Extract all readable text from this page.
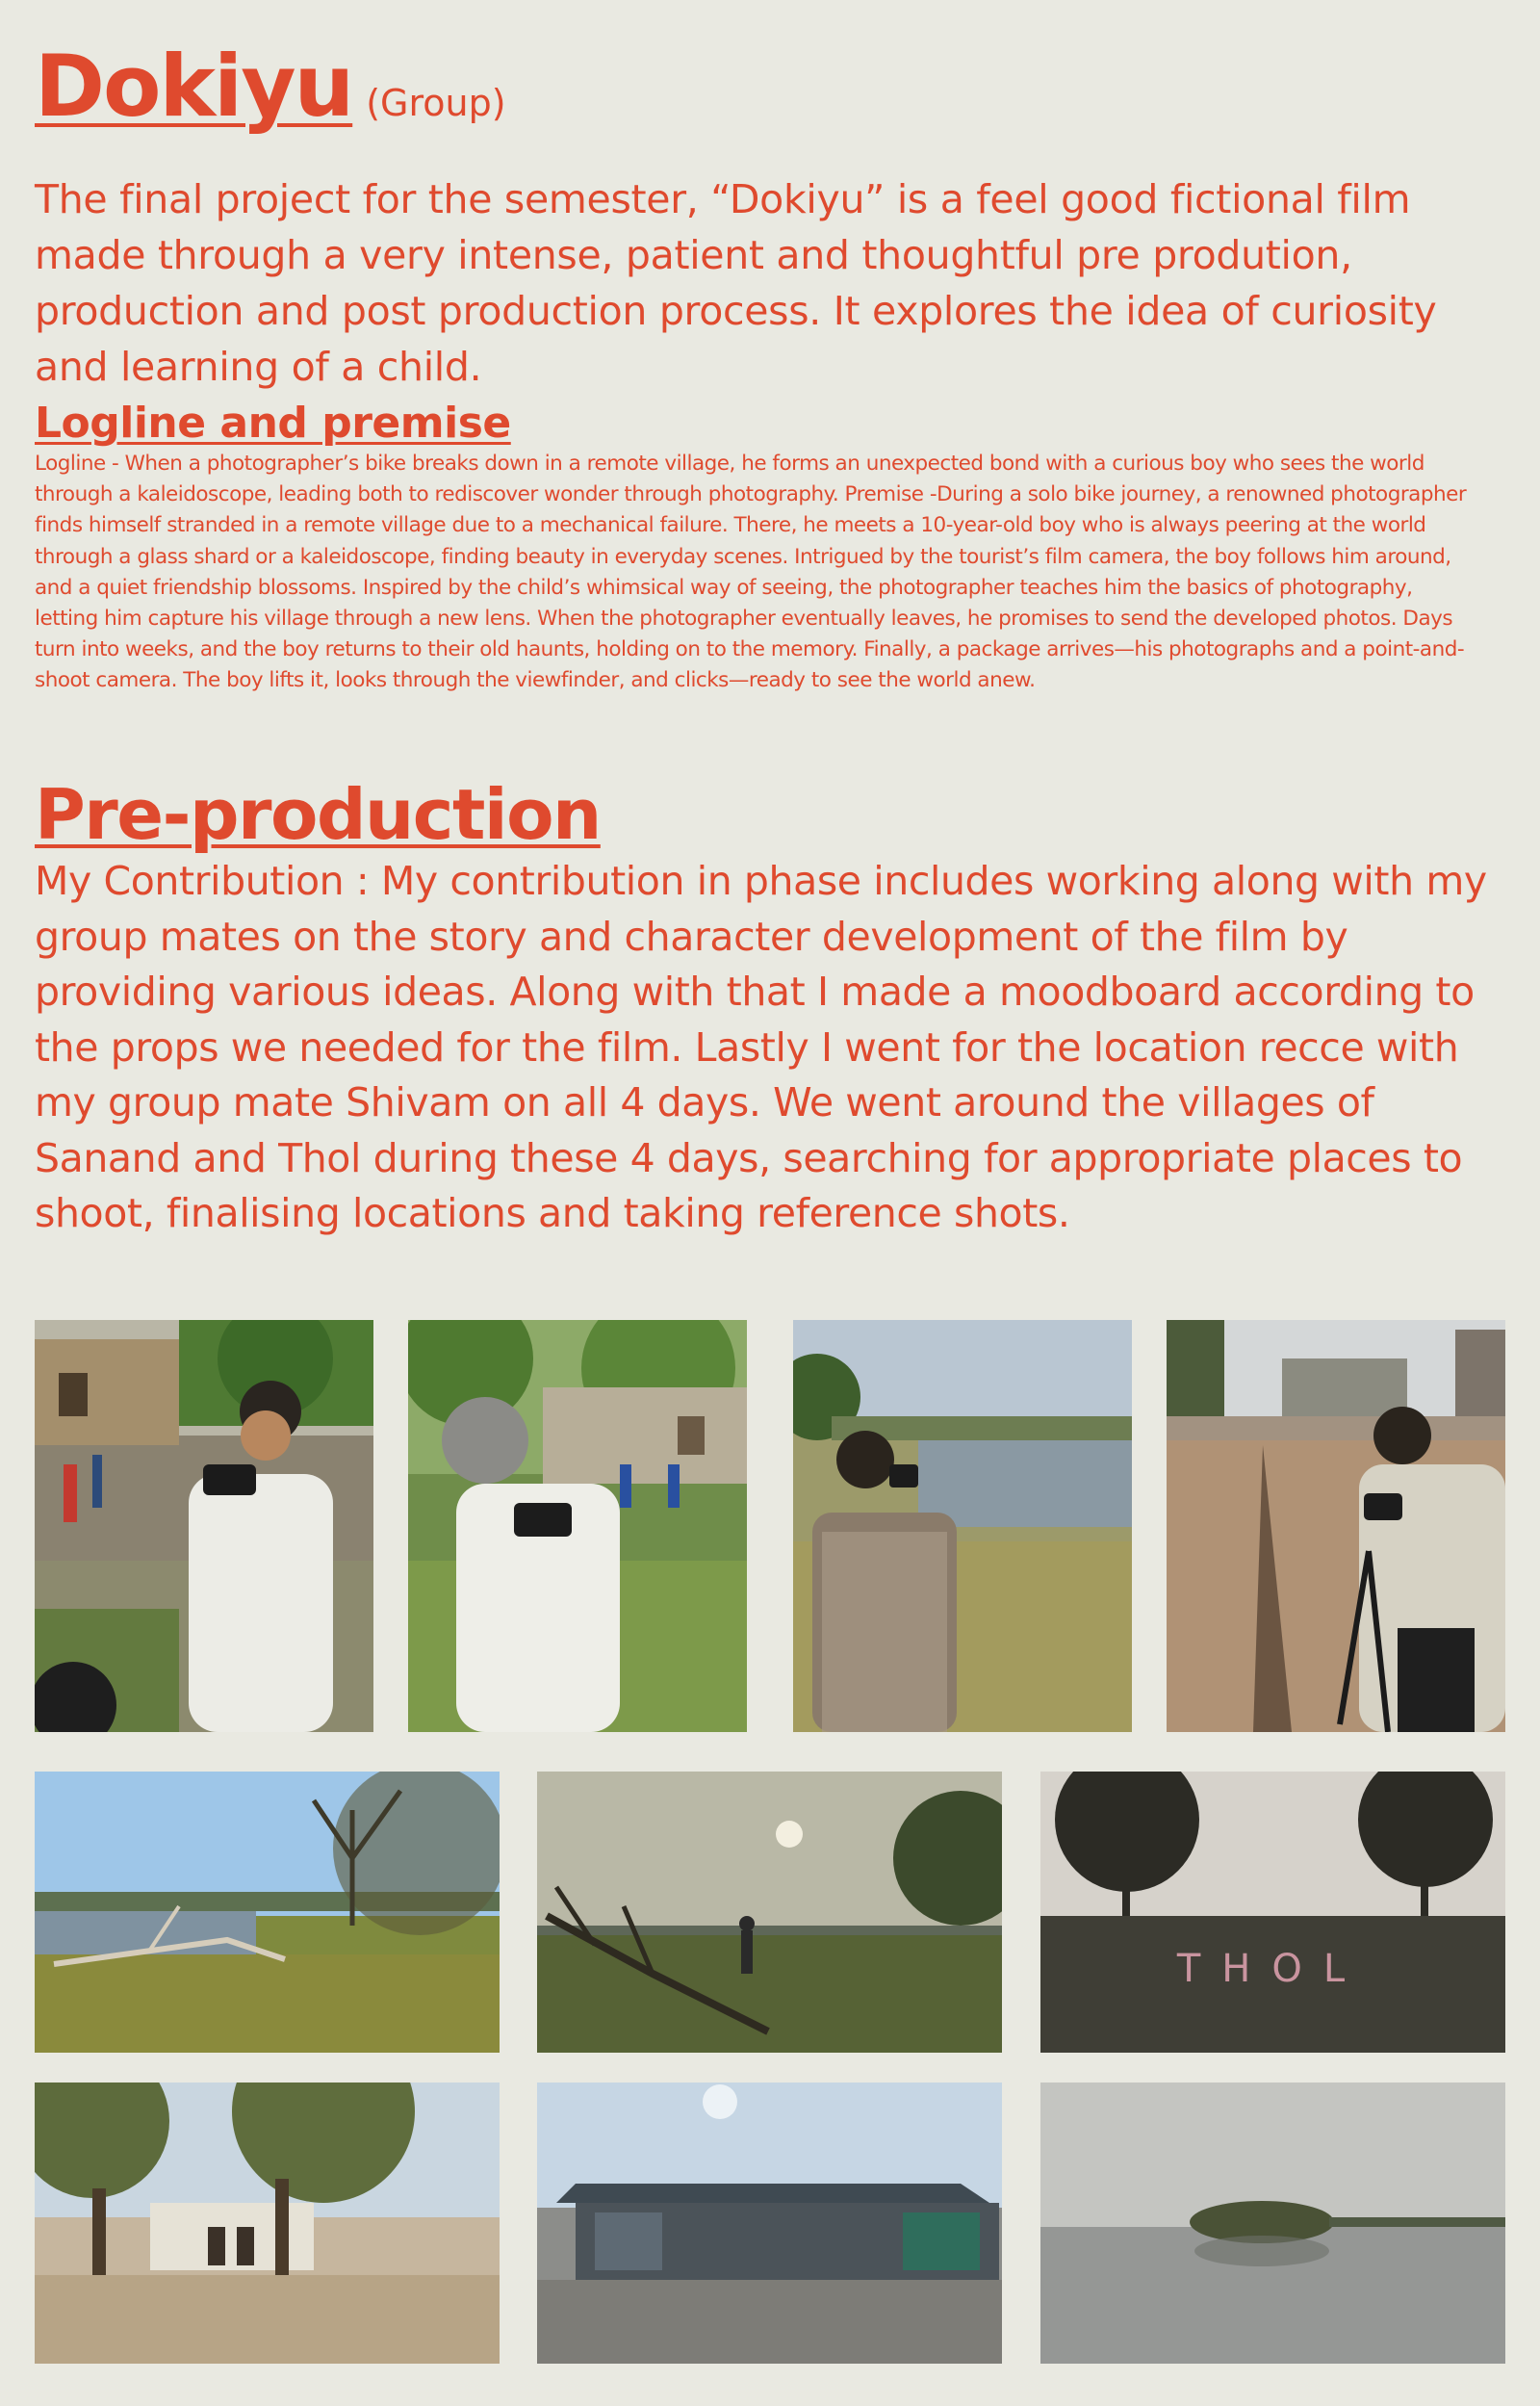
Dokiyu (Group)

The final project for the semester, “Dokiyu” is a feel good fictional film made through a very intense, patient and thoughtful pre prodution, production and post production process. It explores the idea of curiosity and learning of a child.

Logline and premise

Logline - When a photographer’s bike breaks down in a remote village, he forms an unexpected bond with a curious boy who sees the world through a kaleidoscope, leading both to rediscover wonder through photography. Premise -During a solo bike journey, a renowned photographer finds himself stranded in a remote village due to a mechanical failure. There, he meets a 10-year-old boy who is always peering at the world through a glass shard or a kaleidoscope, finding beauty in everyday scenes. Intrigued by the tourist’s film camera, the boy follows him around, and a quiet friendship blossoms. Inspired by the child’s whimsical way of seeing, the photographer teaches him the basics of photography, letting him capture his village through a new lens. When the photographer eventually leaves, he promises to send the developed photos. Days turn into weeks, and the boy returns to their old haunts, holding on to the memory. Finally, a package arrives—his photographs and a point-and-shoot camera. The boy lifts it, looks through the viewfinder, and clicks—ready to see the world anew.

Pre-production

My Contribution : My contribution in phase includes working along with my group mates on the story and character development of the film by providing various ideas. Along with that I made a moodboard according to the props we needed for the film. Lastly I went for the location recce with my group mate Shivam on all 4 days. We went around the villages of Sanand and Thol during these 4 days, searching for appropriate places to shoot, finalising locations and taking reference shots.

THOL
